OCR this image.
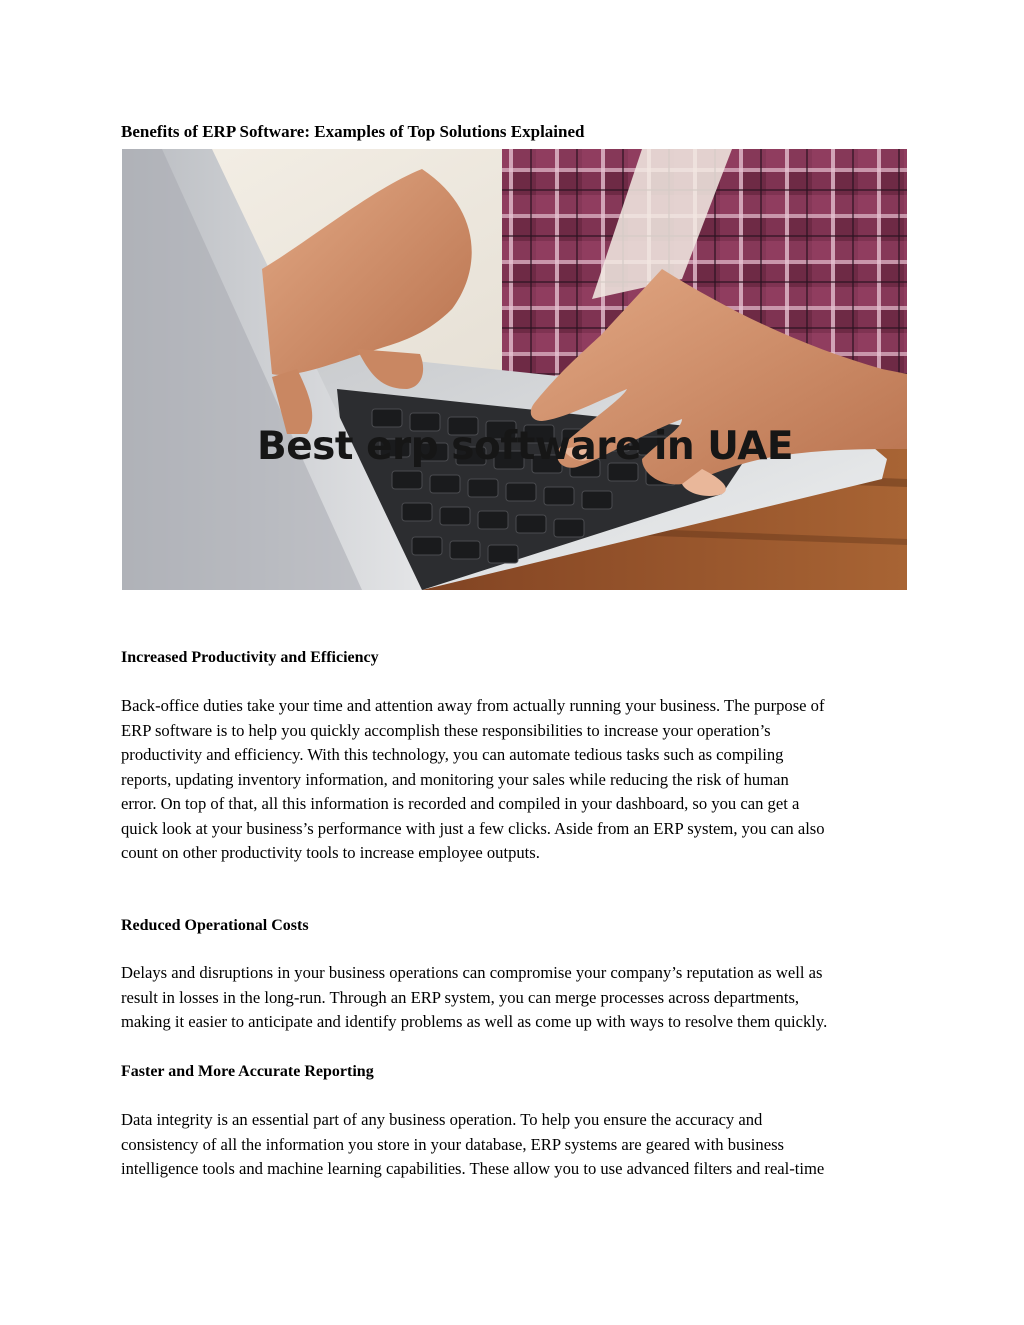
Benefits of ERP Software: Examples of Top Solutions Explained
Best erp software in UAE
Increased Productivity and Efficiency
Back-office duties take your time and attention away from actually running your business. The purpose of
ERP software is to help you quickly accomplish these responsibilities to increase your operation’s
productivity and efficiency. With this technology, you can automate tedious tasks such as compiling
reports, updating inventory information, and monitoring your sales while reducing the risk of human
error. On top of that, all this information is recorded and compiled in your dashboard, so you can get a
quick look at your business’s performance with just a few clicks. Aside from an ERP system, you can also
count on other productivity tools to increase employee outputs.
Reduced Operational Costs
Delays and disruptions in your business operations can compromise your company’s reputation as well as
result in losses in the long-run. Through an ERP system, you can merge processes across departments,
making it easier to anticipate and identify problems as well as come up with ways to resolve them quickly.
Faster and More Accurate Reporting
Data integrity is an essential part of any business operation. To help you ensure the accuracy and
consistency of all the information you store in your database, ERP systems are geared with business
intelligence tools and machine learning capabilities. These allow you to use advanced filters and real-time
